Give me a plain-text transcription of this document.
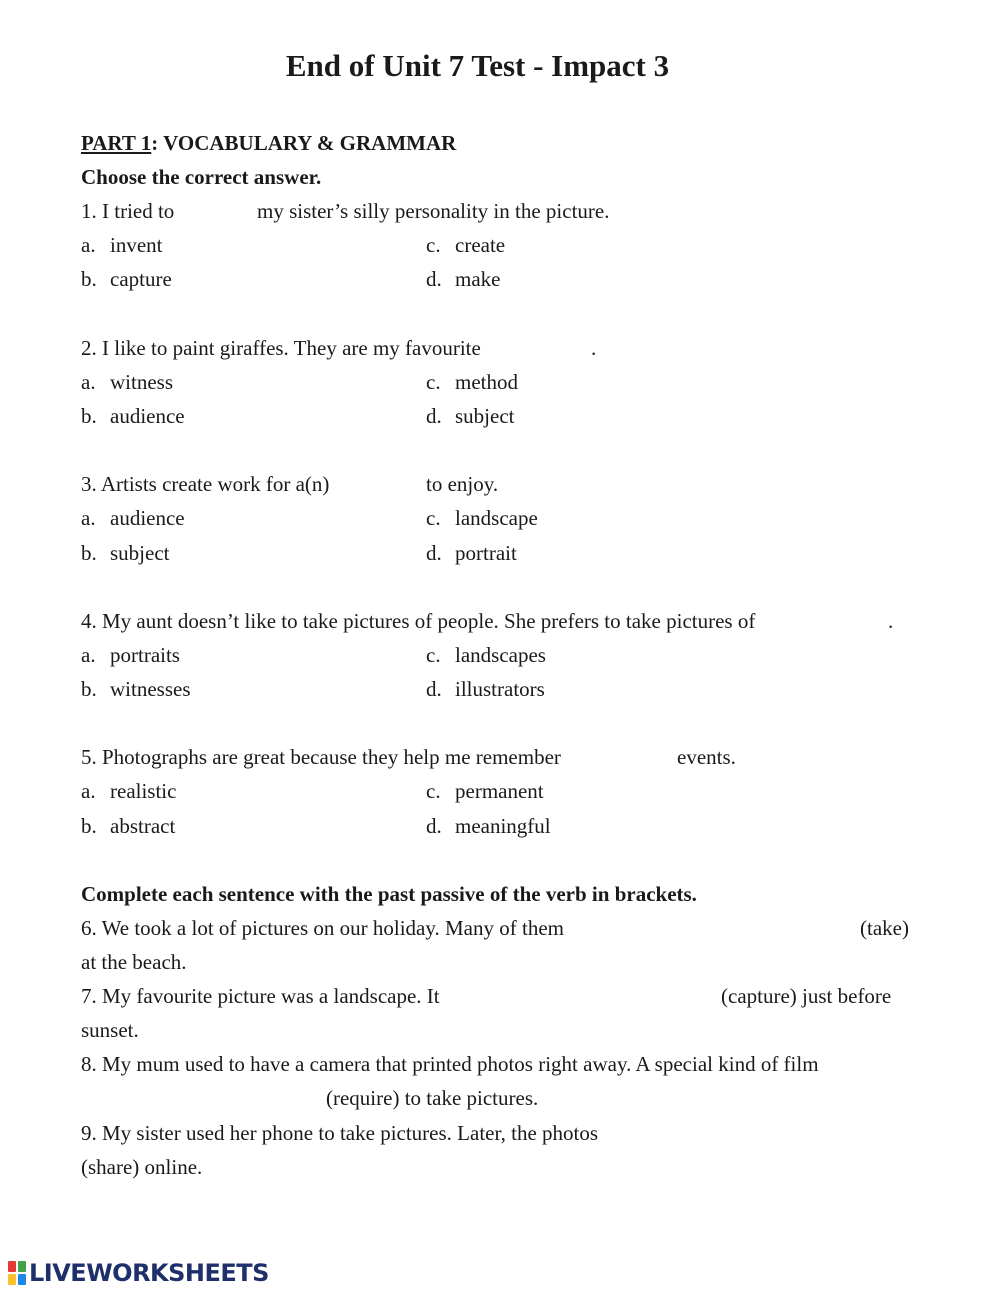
End of Unit 7 Test - Impact 3
PART 1: VOCABULARY & GRAMMAR
Choose the correct answer.
1. I tried to	my sister’s silly personality in the picture.
a. invent	c. create
b. capture	d. make
2. I like to paint giraffes. They are my favourite	.
a. witness	c. method
b. audience	d. subject
3. Artists create work for a(n)	to enjoy.
a. audience	c. landscape
b. subject	d. portrait
4. My aunt doesn’t like to take pictures of people. She prefers to take pictures of	.
a. portraits	c. landscapes
b. witnesses	d. illustrators
5. Photographs are great because they help me remember	events.
a. realistic	c. permanent
b. abstract	d. meaningful
Complete each sentence with the past passive of the verb in brackets.
6. We took a lot of pictures on our holiday. Many of them	(take)
at the beach.
7. My favourite picture was a landscape. It	(capture) just before
sunset.
8. My mum used to have a camera that printed photos right away. A special kind of film
(require) to take pictures.
9. My sister used her phone to take pictures. Later, the photos
(share) online.
LIVEWORKSHEETS
